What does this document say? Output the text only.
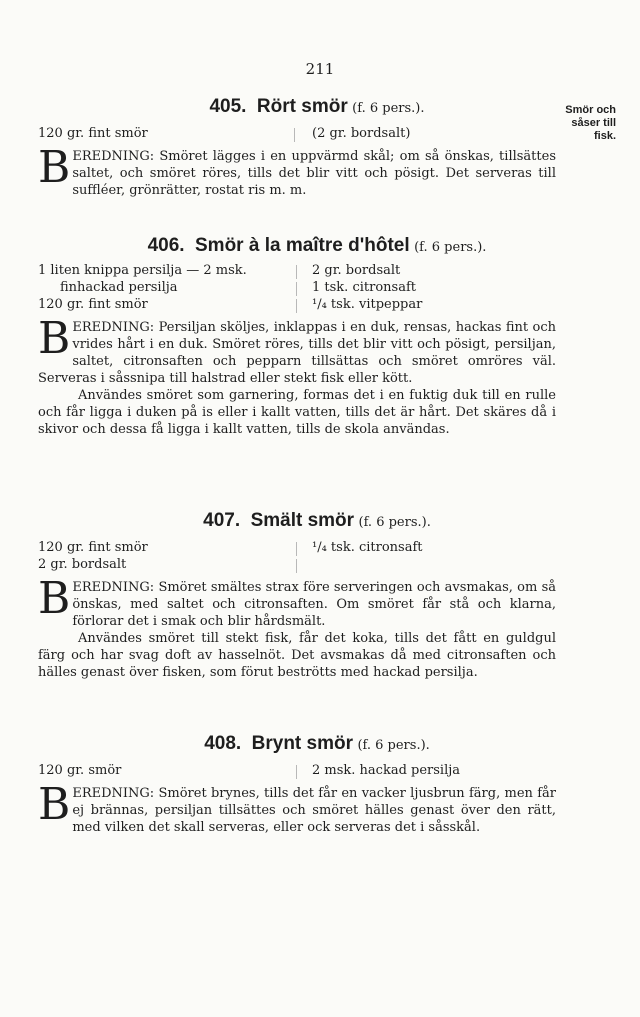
211
Smör och
såser till
fisk.
405. Rört smör (f. 6 pers.).
120 gr. fint smör	(2 gr. bordsalt)
BEREDNING: Smöret lägges i en uppvärmd skål; om så önskas, tillsättes saltet, och smöret röres, tills det blir vitt och pösigt. Det serveras till suffléer, grönrätter, rostat ris m. m.
406. Smör à la maître d'hôtel (f. 6 pers.).
1 liten knippa persilja — 2 msk.	2 gr. bordsalt
finhackad persilja	1 tsk. citronsaft
120 gr. fint smör	¹/₄ tsk. vitpeppar
BEREDNING: Persiljan sköljes, inklappas i en duk, rensas, hackas fint och vrides hårt i en duk. Smöret röres, tills det blir vitt och pösigt, persiljan, saltet, citronsaften och pepparn tillsättas och smöret omröres väl. Serveras i såssnipa till halstrad eller stekt fisk eller kött.
Användes smöret som garnering, formas det i en fuktig duk till en rulle och får ligga i duken på is eller i kallt vatten, tills det är hårt. Det skäres då i skivor och dessa få ligga i kallt vatten, tills de skola användas.
407. Smält smör (f. 6 pers.).
120 gr. fint smör	¹/₄ tsk. citronsaft
2 gr. bordsalt
BEREDNING: Smöret smältes strax före serveringen och avsmakas, om så önskas, med saltet och citronsaften. Om smöret får stå och klarna, förlorar det i smak och blir hårdsmält.
Användes smöret till stekt fisk, får det koka, tills det fått en guldgul färg och har svag doft av hasselnöt. Det avsmakas då med citronsaften och hälles genast över fisken, som förut beströtts med hackad persilja.
408. Brynt smör (f. 6 pers.).
120 gr. smör	2 msk. hackad persilja
BEREDNING: Smöret brynes, tills det får en vacker ljusbrun färg, men får ej brännas, persiljan tillsättes och smöret hälles genast över den rätt, med vilken det skall serveras, eller ock serveras det i såsskål.
